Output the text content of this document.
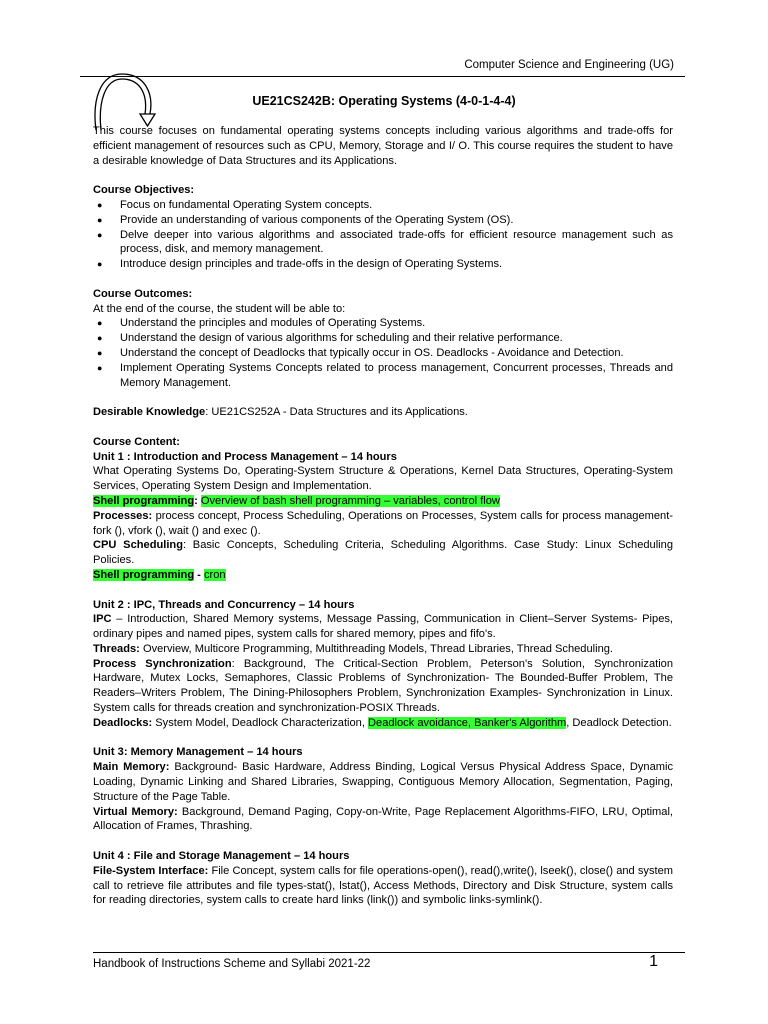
Computer Science and Engineering (UG)
UE21CS242B: Operating Systems (4-0-1-4-4)

This course focuses on fundamental operating systems concepts including various algorithms and trade-offs for efficient management of resources such as CPU, Memory, Storage and I/ O. This course requires the student to have a desirable knowledge of Data Structures and its Applications.

Course Objectives:

● Focus on fundamental Operating System concepts.
● Provide an understanding of various components of the Operating System (OS).
● Delve deeper into various algorithms and associated trade-offs for efficient resource management such as process, disk, and memory management.
● Introduce design principles and trade-offs in the design of Operating Systems.

Course Outcomes:

At the end of the course, the student will be able to:

● Understand the principles and modules of Operating Systems.
● Understand the design of various algorithms for scheduling and their relative performance.
● Understand the concept of Deadlocks that typically occur in OS. Deadlocks - Avoidance and Detection.
● Implement Operating Systems Concepts related to process management, Concurrent processes, Threads and Memory Management.

Desirable Knowledge: UE21CS252A - Data Structures and its Applications.

Course Content:

Unit 1 : Introduction and Process Management – 14 hours

What Operating Systems Do, Operating-System Structure & Operations, Kernel Data Structures, Operating-System Services, Operating System Design and Implementation.

Shell programming: Overview of bash shell programming – variables, control flow

Processes: process concept, Process Scheduling, Operations on Processes, System calls for process management-fork (), vfork (), wait () and exec ().

CPU Scheduling: Basic Concepts, Scheduling Criteria, Scheduling Algorithms. Case Study: Linux Scheduling Policies.

Shell programming - cron

Unit 2 : IPC, Threads and Concurrency – 14 hours

IPC – Introduction, Shared Memory systems, Message Passing, Communication in Client–Server Systems- Pipes, ordinary pipes and named pipes, system calls for shared memory, pipes and fifo's.

Threads: Overview, Multicore Programming, Multithreading Models, Thread Libraries, Thread Scheduling.

Process Synchronization: Background, The Critical-Section Problem, Peterson's Solution, Synchronization Hardware, Mutex Locks, Semaphores, Classic Problems of Synchronization- The Bounded-Buffer Problem, The Readers–Writers Problem, The Dining-Philosophers Problem, Synchronization Examples- Synchronization in Linux. System calls for threads creation and synchronization-POSIX Threads.

Deadlocks: System Model, Deadlock Characterization, Deadlock avoidance, Banker's Algorithm, Deadlock Detection.

Unit 3: Memory Management – 14 hours

Main Memory: Background- Basic Hardware, Address Binding, Logical Versus Physical Address Space, Dynamic Loading, Dynamic Linking and Shared Libraries, Swapping, Contiguous Memory Allocation, Segmentation, Paging, Structure of the Page Table.

Virtual Memory: Background, Demand Paging, Copy-on-Write, Page Replacement Algorithms-FIFO, LRU, Optimal, Allocation of Frames, Thrashing.

Unit 4 : File and Storage Management – 14 hours

File-System Interface: File Concept, system calls for file operations-open(), read(),write(), lseek(), close() and system call to retrieve file attributes and file types-stat(), lstat(), Access Methods, Directory and Disk Structure, system calls for reading directories, system calls to create hard links (link()) and symbolic links-symlink().

Handbook of Instructions Scheme and Syllabi 2021-22	1
